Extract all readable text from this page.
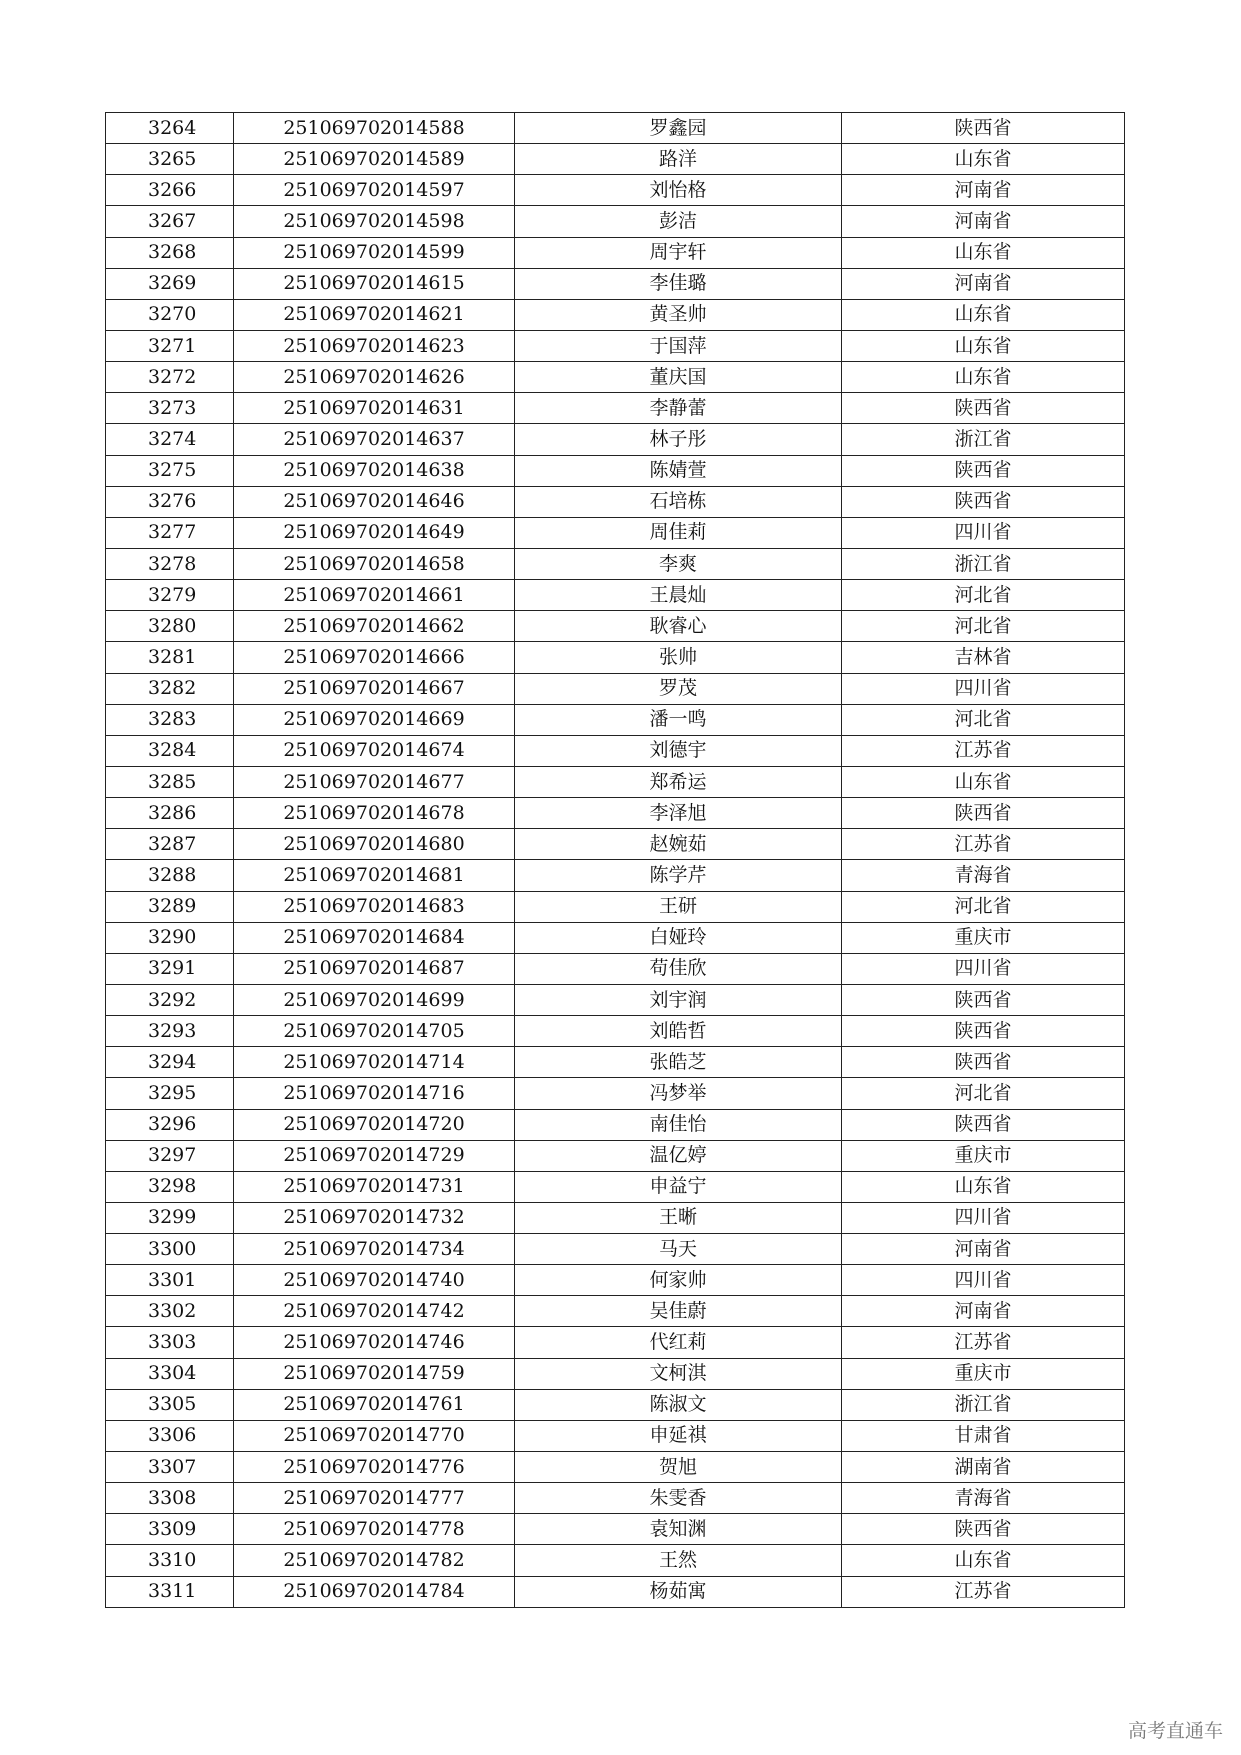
3264	251069702014588	罗鑫园	陕西省
3265	251069702014589	路洋	山东省
3266	251069702014597	刘怡格	河南省
3267	251069702014598	彭洁	河南省
3268	251069702014599	周宇轩	山东省
3269	251069702014615	李佳璐	河南省
3270	251069702014621	黄圣帅	山东省
3271	251069702014623	于国萍	山东省
3272	251069702014626	董庆国	山东省
3273	251069702014631	李静蕾	陕西省
3274	251069702014637	林子彤	浙江省
3275	251069702014638	陈婧萱	陕西省
3276	251069702014646	石培栋	陕西省
3277	251069702014649	周佳莉	四川省
3278	251069702014658	李爽	浙江省
3279	251069702014661	王晨灿	河北省
3280	251069702014662	耿睿心	河北省
3281	251069702014666	张帅	吉林省
3282	251069702014667	罗茂	四川省
3283	251069702014669	潘一鸣	河北省
3284	251069702014674	刘德宇	江苏省
3285	251069702014677	郑希运	山东省
3286	251069702014678	李泽旭	陕西省
3287	251069702014680	赵婉茹	江苏省
3288	251069702014681	陈学芹	青海省
3289	251069702014683	王研	河北省
3290	251069702014684	白娅玲	重庆市
3291	251069702014687	苟佳欣	四川省
3292	251069702014699	刘宇润	陕西省
3293	251069702014705	刘皓哲	陕西省
3294	251069702014714	张皓芝	陕西省
3295	251069702014716	冯梦举	河北省
3296	251069702014720	南佳怡	陕西省
3297	251069702014729	温亿婷	重庆市
3298	251069702014731	申益宁	山东省
3299	251069702014732	王晰	四川省
3300	251069702014734	马天	河南省
3301	251069702014740	何家帅	四川省
3302	251069702014742	吴佳蔚	河南省
3303	251069702014746	代红莉	江苏省
3304	251069702014759	文柯淇	重庆市
3305	251069702014761	陈淑文	浙江省
3306	251069702014770	申延祺	甘肃省
3307	251069702014776	贺旭	湖南省
3308	251069702014777	朱雯香	青海省
3309	251069702014778	袁知渊	陕西省
3310	251069702014782	王然	山东省
3311	251069702014784	杨茹寓	江苏省
高考直通车
